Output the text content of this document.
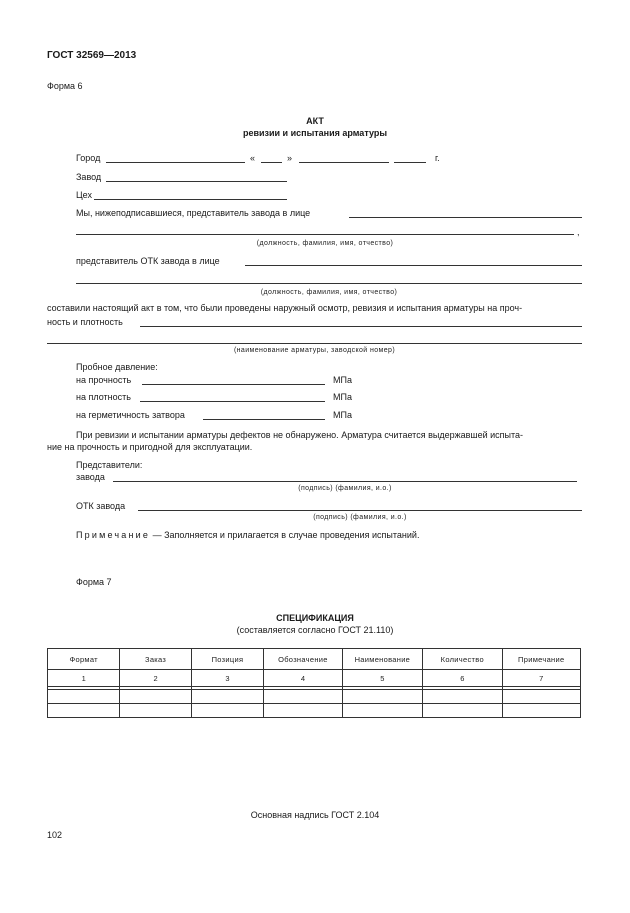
ГОСТ 32569—2013
Форма 6
АКТ
ревизии и испытания арматуры
Город	«	»	г.
Завод
Цех
Мы, нижеподписавшиеся, представитель завода в лице
,
(должность, фамилия, имя, отчество)
представитель ОТК завода в лице
(должность, фамилия, имя, отчество)
составили настоящий акт в том, что были проведены наружный осмотр, ревизия и испытания арматуры на проч-
ность и плотность
(наименование арматуры, заводской номер)
Пробное давление:
на прочность	МПа
на плотность	МПа
на герметичность затвора	МПа
При ревизии и испытании арматуры дефектов не обнаружено. Арматура считается выдержавшей испыта-
ние на прочность и пригодной для эксплуатации.
Представители:
завода
(подпись) (фамилия, и.о.)
ОТК завода
(подпись) (фамилия, и.о.)
Примечание — Заполняется и прилагается в случае проведения испытаний.
Форма 7
СПЕЦИФИКАЦИЯ
(составляется согласно ГОСТ 21.110)
Формат	Заказ	Позиция	Обозначение	Наименование	Количество	Примечание
1	2	3	4	5	6	7

Основная надпись ГОСТ 2.104
102
